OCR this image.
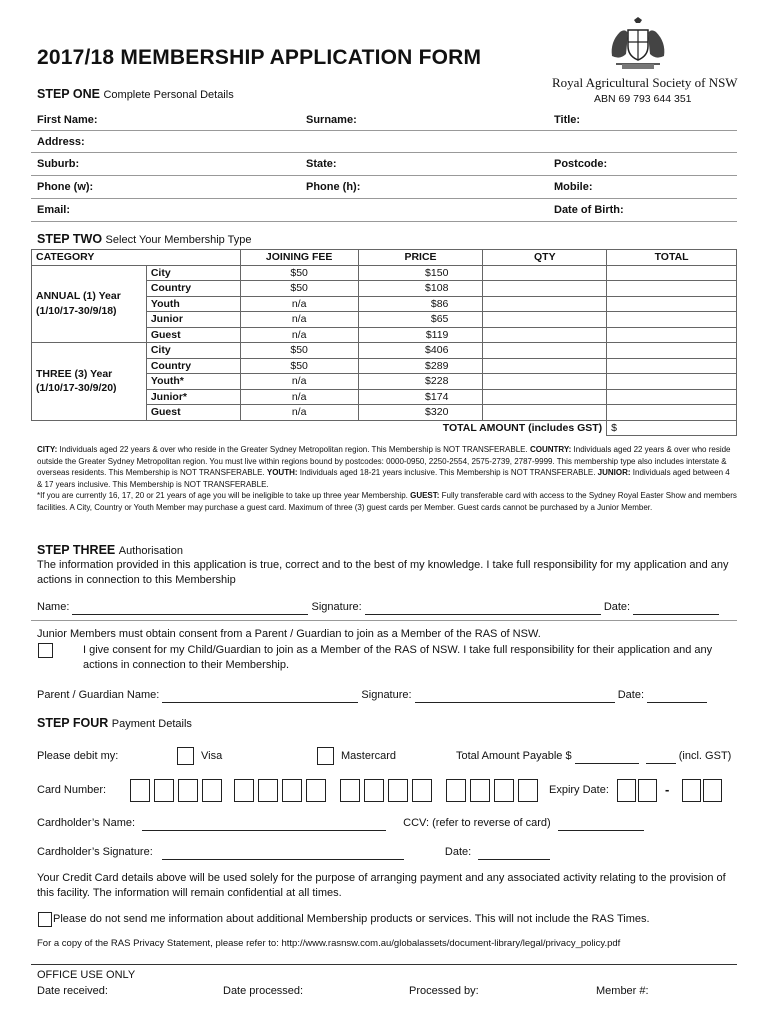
2017/18 MEMBERSHIP APPLICATION FORM
Royal Agricultural Society of NSW
ABN 69 793 644 351
STEP ONE Complete Personal Details
First Name:	Surname:	Title:
Address:
Suburb:	State:	Postcode:
Phone (w):	Phone (h):	Mobile:
Email:	Date of Birth:
STEP TWO Select Your Membership Type
CATEGORY		JOINING FEE	PRICE	QTY	TOTAL

ANNUAL (1) Year
(1/10/17-30/9/18)	City	$50	$150		
	Country	$50	$108		
	Youth	n/a	$86		
	Junior	n/a	$65		
	Guest	n/a	$119		

THREE (3) Year
(1/10/17-30/9/20)	City	$50	$406		
	Country	$50	$289		
	Youth*	n/a	$228		
	Junior*	n/a	$174		
	Guest	n/a	$320		
TOTAL AMOUNT (includes GST)					$
CITY: Individuals aged 22 years & over who reside in the Greater Sydney Metropolitan region. This Membership is NOT TRANSFERABLE. COUNTRY: Individuals aged 22 years & over who reside outside the Greater Sydney Metropolitan region. You must live within regions bound by postcodes: 0000-0950, 2250-2554, 2575-2739, 2787-9999. This membership type also includes interstate & overseas residents. This Membership is NOT TRANSFERABLE. YOUTH: Individuals aged 18-21 years inclusive. This Membership is NOT TRANSFERABLE. JUNIOR: Individuals aged between 4 & 17 years inclusive. This Membership is NOT TRANSFERABLE.
*If you are currently 16, 17, 20 or 21 years of age you will be ineligible to take up three year Membership. GUEST: Fully transferable card with access to the Sydney Royal Easter Show and members facilities. A City, Country or Youth Member may purchase a guest card. Maximum of three (3) guest cards per Member. Guest cards cannot be purchased by a Junior Member.
STEP THREE Authorisation
The information provided in this application is true, correct and to the best of my knowledge. I take full responsibility for my application and any actions in connection to this Membership
Name:	Signature:	Date:
Junior Members must obtain consent from a Parent / Guardian to join as a Member of the RAS of NSW.
I give consent for my Child/Guardian to join as a Member of the RAS of NSW. I take full responsibility for their application and any actions in connection to their Membership.
Parent / Guardian Name:	Signature:	Date:
STEP FOUR Payment Details
Please debit my:	Visa	Mastercard	Total Amount Payable $	(incl. GST)
Card Number:	Expiry Date:	-
Cardholder’s Name:	CCV: (refer to reverse of card)
Cardholder’s Signature:	Date:
Your Credit Card details above will be used solely for the purpose of arranging payment and any associated activity relating to the provision of this facility. The information will remain confidential at all times.
Please do not send me information about additional Membership products or services. This will not include the RAS Times.
For a copy of the RAS Privacy Statement, please refer to: http://www.rasnsw.com.au/globalassets/document-library/legal/privacy_policy.pdf
OFFICE USE ONLY
Date received:	Date processed:	Processed by:	Member #:
